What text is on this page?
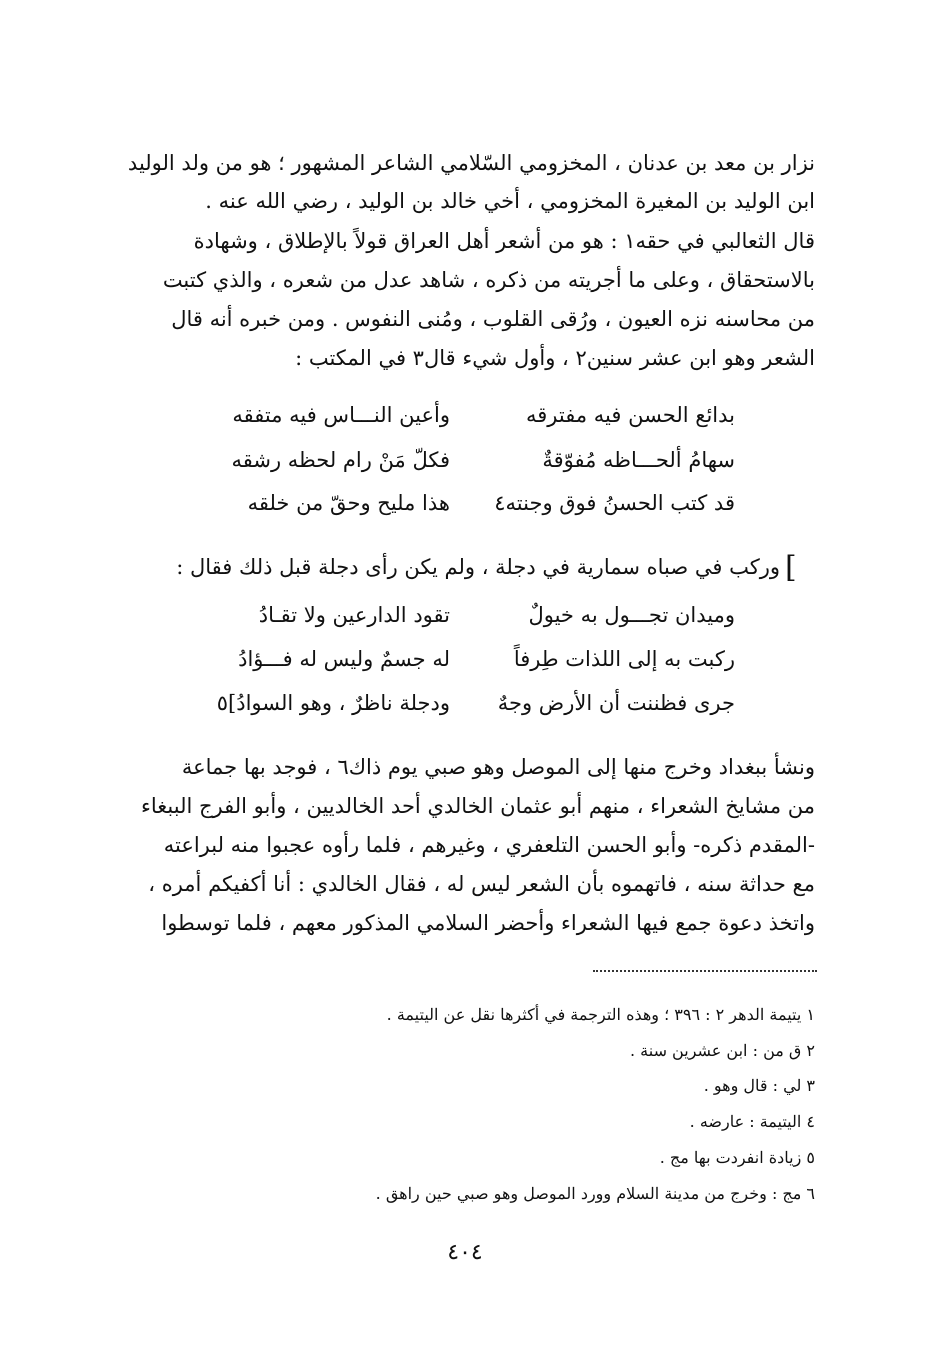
نزار بن معد بن عدنان ، المخزومي السّلامي الشاعر المشهور ؛ هو من ولد الوليد
ابن الوليد بن المغيرة المخزومي ، أخي خالد بن الوليد ، رضي الله عنه .
قال الثعالبي في حقه١ : هو من أشعر أهل العراق قولاً بالإطلاق ، وشهادة
بالاستحقاق ، وعلى ما أجريته من ذكره ، شاهد عدل من شعره ، والذي كتبت
من محاسنه نزه العيون ، ورُقى القلوب ، ومُنى النفوس . ومن خبره أنه قال
الشعر وهو ابن عشر سنين٢ ، وأول شيء قال٣ في المكتب :
بدائع الحسن فيه مفترقه
وأعين النـــاس فيه متفقه
سهامُ ألحـــاظه مُفوّقةٌ
فكلّ مَنْ رام لحظه رشقه
قد كتب الحسنُ فوق وجنته٤
هذا مليح وحقّ من خلقه
[
وركب في صباه سمارية في دجلة ، ولم يكن رأى دجلة قبل ذلك فقال :
وميدان تجـــول به خيولٌ
تقود الدارعين ولا تقـادُ
ركبت به إلى اللذات طِرفاً
له جسمٌ وليس له فـــؤادُ
جرى فظننت أن الأرض وجهٌ
ودجلة ناظرٌ ، وهو السوادُ]٥
ونشأ ببغداد وخرج منها إلى الموصل وهو صبي يوم ذاك٦ ، فوجد بها جماعة
من مشايخ الشعراء ، منهم أبو عثمان الخالدي أحد الخالديين ، وأبو الفرج الببغاء
-المقدم ذكره- وأبو الحسن التلعفري ، وغيرهم ، فلما رأوه عجبوا منه لبراعته
مع حداثة سنه ، فاتهموه بأن الشعر ليس له ، فقال الخالدي : أنا أكفيكم أمره ،
واتخذ دعوة جمع فيها الشعراء وأحضر السلامي المذكور معهم ، فلما توسطوا
١ يتيمة الدهر ٢ : ٣٩٦ ؛ وهذه الترجمة في أكثرها نقل عن اليتيمة .
٢ ق من : ابن عشرين سنة .
٣ لي : قال وهو .
٤ اليتيمة : عارضه .
٥ زيادة انفردت بها مج .
٦ مج : وخرج من مدينة السلام وورد الموصل وهو صبي حين راهق .
٤٠٤
